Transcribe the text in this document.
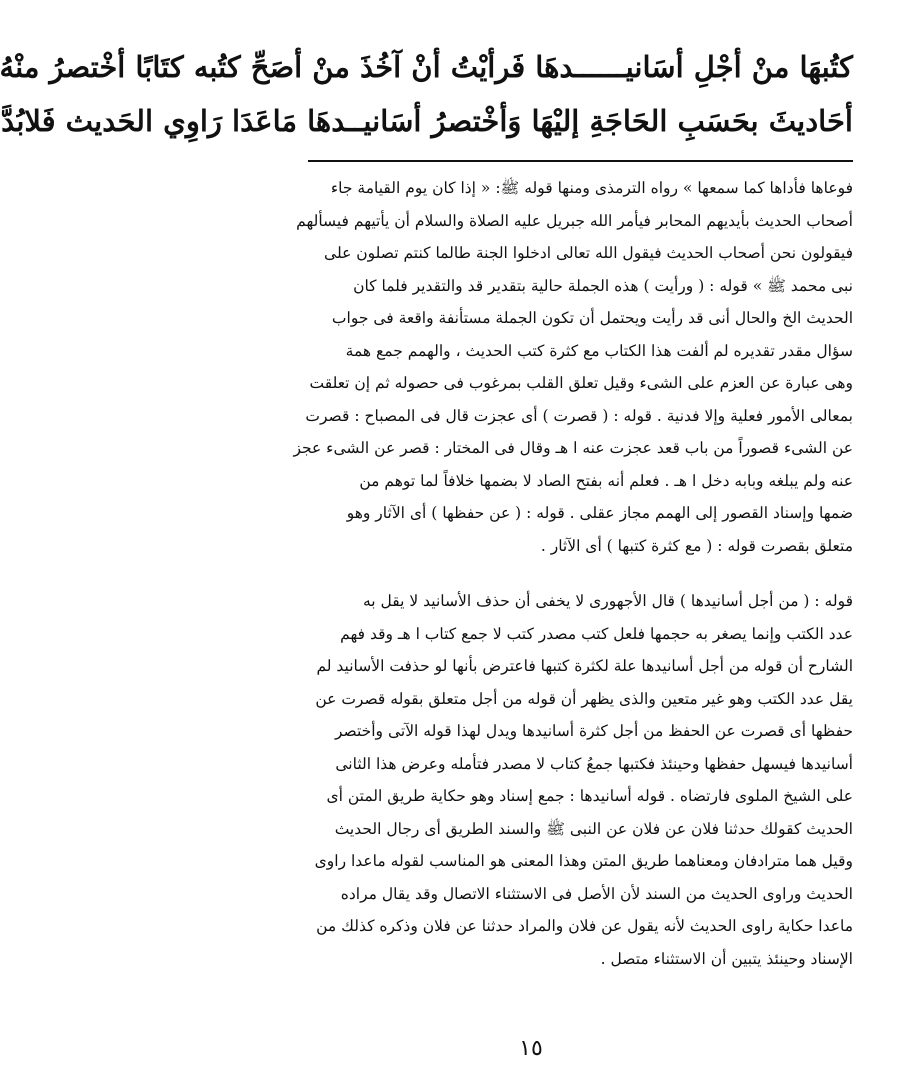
كتُبهَا منْ أجْلِ أسَانيــــــدهَا فَرأيْتُ أنْ آخُذَ منْ أصَحِّ كتُبه كتَابًا أخْتصرُ منْهُ

أحَاديثَ بحَسَبِ الحَاجَةِ إليْهَا وَأخْتصرُ أسَانيــدهَا مَاعَدَا رَاوِي الحَديث فَلابُدَّ

فوعاها فأداها كما سمعها » رواه الترمذى ومنها قوله ﷺ: « إذا كان يوم القيامة جاء

أصحاب الحديث بأيديهم المحابر فيأمر الله جبريل عليه الصلاة والسلام أن يأتيهم فيسألهم

فيقولون نحن أصحاب الحديث فيقول الله تعالى ادخلوا الجنة طالما كنتم تصلون على

نبى محمد ﷺ » قوله : ( ورأيت ) هذه الجملة حالية بتقدير قد والتقدير فلما كان

الحديث الخ والحال أنى قد رأيت ويحتمل أن تكون الجملة مستأنفة واقعة فى جواب

سؤال مقدر تقديره لم ألفت هذا الكتاب مع كثرة كتب الحديث ، والهمم جمع همة

وهى عبارة عن العزم على الشىء وقيل تعلق القلب بمرغوب فى حصوله ثم إن تعلقت

بمعالى الأمور فعلية وإلا فدنية . قوله : ( قصرت ) أى عجزت قال فى المصباح : قصرت

عن الشىء قصوراً من باب قعد عجزت عنه ا هـ وقال فى المختار : قصر عن الشىء عجز

عنه ولم يبلغه وبابه دخل ا هـ . فعلم أنه بفتح الصاد لا بضمها خلافاً لما توهم من

ضمها وإسناد القصور إلى الهمم مجاز عقلى . قوله : ( عن حفظها ) أى الآثار وهو

متعلق بقصرت قوله : ( مع كثرة كتبها ) أى الآثار .

قوله : ( من أجل أسانيدها ) قال الأجهورى لا يخفى أن حذف الأسانيد لا يقل به

عدد الكتب وإنما يصغر به حجمها فلعل كتب مصدر كتب لا جمع كتاب ا هـ وقد فهم

الشارح أن قوله من أجل أسانيدها علة لكثرة كتبها فاعترض بأنها لو حذفت الأسانيد لم

يقل عدد الكتب وهو غير متعين والذى يظهر أن قوله من أجل متعلق بقوله قصرت عن

حفظها أى قصرت عن الحفظ من أجل كثرة أسانيدها ويدل لهذا قوله الآتى وأختصر

أسانيدها فيسهل حفظها وحينئذ فكتبها جمعُ كتاب لا مصدر فتأمله وعرض هذا الثانى

على الشيخ الملوى فارتضاه . قوله أسانيدها : جمع إسناد وهو حكاية طريق المتن أى

الحديث كقولك حدثنا فلان عن فلان عن النبى ﷺ والسند الطريق أى رجال الحديث

وقيل هما مترادفان ومعناهما طريق المتن وهذا المعنى هو المناسب لقوله ماعدا راوى

الحديث وراوى الحديث من السند لأن الأصل فى الاستثناء الاتصال وقد يقال مراده

ماعدا حكاية راوى الحديث لأنه يقول عن فلان والمراد حدثنا عن فلان وذكره كذلك من

الإسناد وحينئذ يتبين أن الاستثناء متصل .

١٥
